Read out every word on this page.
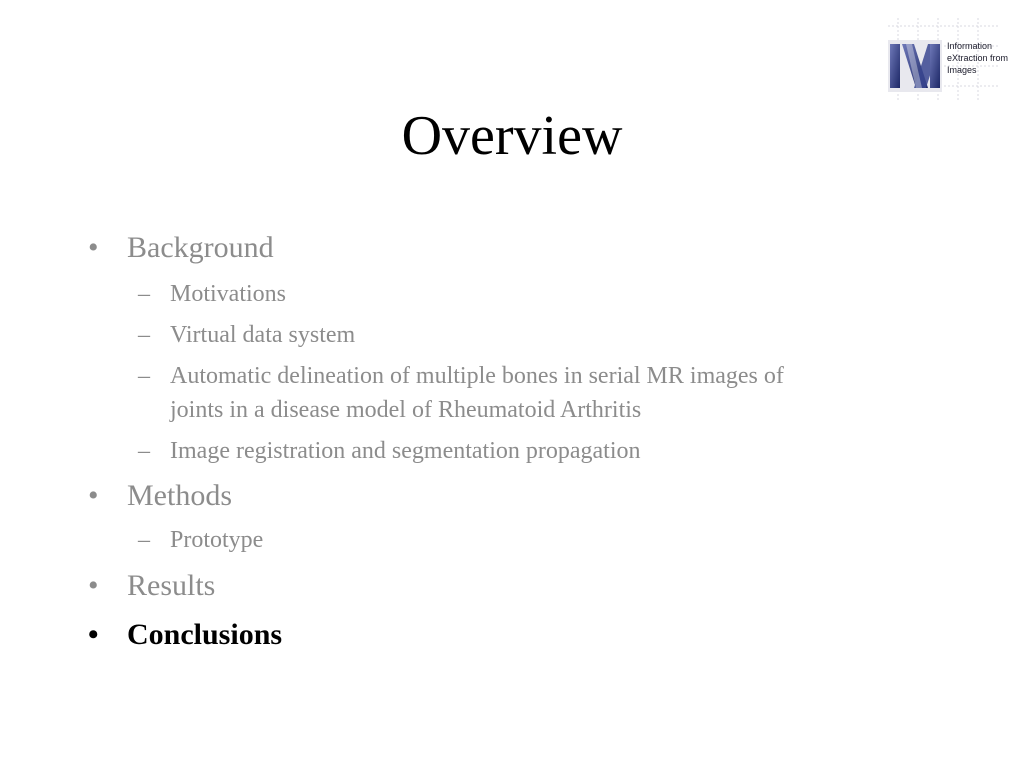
Information
eXtraction from
Images
Overview
• Background
– Motivations
– Virtual data system
– Automatic delineation of multiple bones in serial MR images of
joints in a disease model of Rheumatoid Arthritis
– Image registration and segmentation propagation
• Methods
– Prototype
• Results
• Conclusions
